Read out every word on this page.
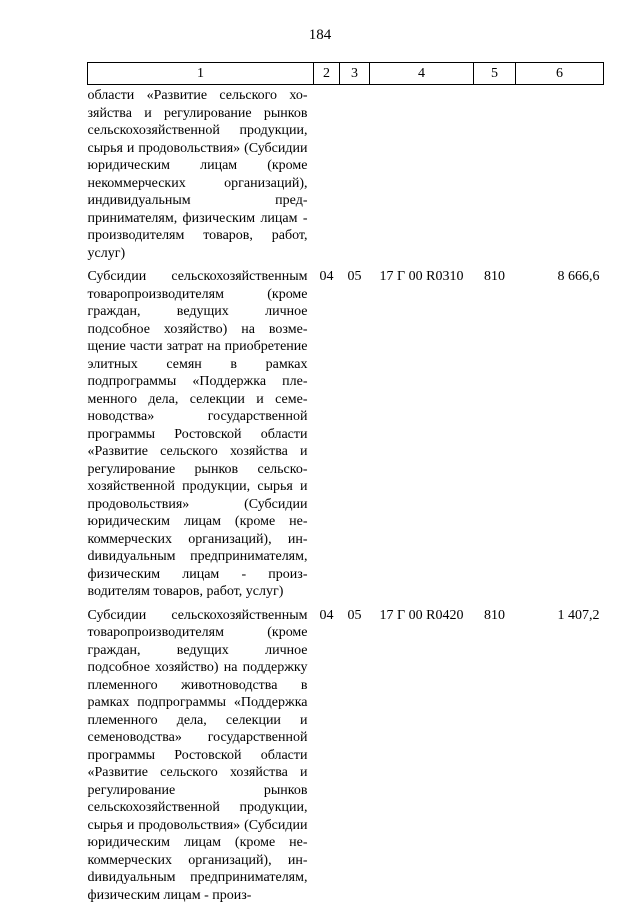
184
1	2	3	4	5	6
области «Развитие сельского хозяйства и регулирование рынков сельскохозяйственной продукции, сырья и продовольствия» (Субсидии юридическим лицам (кроме некоммерческих организаций), индивидуальным предпринимателям, физическим лицам - производителям товаров, работ, услуг)					
Субсидии сельскохозяйственным товаропроизводителям (кроме граждан, ведущих личное подсобное хозяйство) на возмещение части затрат на приобретение элитных семян в рамках подпрограммы «Поддержка племенного дела, селекции и семеноводства» государственной программы Ростовской области «Развитие сельского хозяйства и регулирование рынков сельскохозяйственной продукции, сырья и продовольствия» (Субсидии юридическим лицам (кроме некоммерческих организаций), инdивидуальным предпринимателям, физическим лицам - производителям товаров, работ, услуг)	04	05	17 Г 00 R0310	810	8 666,6
Субсидии сельскохозяйственным товаропроизводителям (кроме граждан, ведущих личное подсобное хозяйство) на поддержку племенного животноводства в рамках подпрограммы «Поддержка племенного дела, селекции и семеноводства» государственной программы Ростовской области «Развитие сельского хозяйства и регулирование рынков сельскохозяйственной продукции, сырья и продовольствия» (Субсидии юридическим лицам (кроме некоммерческих организаций), инdивидуальным предпринимателям, физическим лицам - произ-	04	05	17 Г 00 R0420	810	1 407,2
